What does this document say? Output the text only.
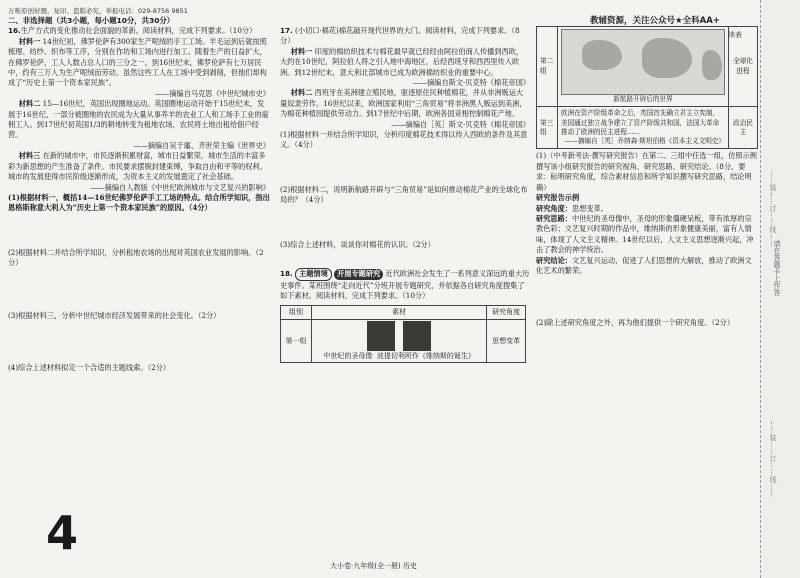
万唯原创好题，复印、盗版必究，举报电话：029-8756 9851
教辅资源，关注公众号★全科AA+
续表

二、非选择题（共3小题，每小题10分，共30分）

16.生产方式的变化推动社会面貌的革新。阅读材料，完成下列要求。（10分）

材料一 14世纪初，佛罗伦萨有300家生产呢绒的手工工场。羊毛运到后就按照梳理、纺纱、织布等工序，分别在作坊和工场内进行加工。随着生产的日益扩大，在佛罗伦萨，工人人数占总人口的三分之一。到16世纪末，佛罗伦萨有七万居民中，约有三万人为生产呢绒而劳动。虽然这些工人在工场中受到剥削，但他们却构成了“历史上第一个资本家民族”。

——摘编自马克思《中世纪城市史》

材料二 15—16世纪，英国出现圈地运动。英国圈地运动开始于15世纪末，发展于16世纪，一部分被圈地的农民成为大量从事养羊的农业工人和工场手工业的雇佣工人。到17世纪初英国1/3的耕地转变为租地农场，农民将土地出租给佃户经营。

——摘编自吴于廑、齐世荣主编《世界史》

材料三 在新的城市中，市民逐渐积累财富，城市日益繁荣，城市生活的丰富多彩为新思想的产生准备了条件。市民要求摆脱封建束缚，争取自由和平等的权利。城市的发展使得市民阶级逐渐形成，为资本主义的发展奠定了社会基础。

——摘编自人教版《中世纪欧洲城市与文艺复兴的影响》

(1)根据材料一，概括14—16世纪佛罗伦萨手工工场的特点。结合所学知识，指出恩格斯称意大利人为“历史上第一个资本家民族”的原因。（4分）

(2)根据材料二并结合所学知识，分析租地农场的出现对英国农业发展的影响。（2分）

(3)根据材料三，分析中世纪城市经济发展带来的社会变化。（2分）

(4)综合上述材料拟定一个合适的主题线索。（2分）

17. (小切口·棉花)棉花敲开现代世界的大门。阅读材料，完成下列要求。（8分）

材料一 印度的棉纺织技术与棉花最早就已经经由阿拉伯商人传播到西欧，大约在10世纪，阿拉伯人将之引入地中海地区，后经西班牙和西西里传入欧洲。到12世纪末，意大利北部城市已成为欧洲棉纺织业的重要中心。

——摘编自斯文·贝克特《棉花帝国》

材料二 西班牙在美洲建立殖民地，驱逐原住民种植棉花，并从非洲贩运大量奴隶劳作。16世纪以来，欧洲国家利用“三角贸易”将非洲黑人贩运到美洲，为棉花种植园提供劳动力。到17世纪中后期，欧洲各国竞相控制棉花产地。

——摘编自［英］斯文·贝克特《棉花帝国》

(1)根据材料一并结合所学知识，分析印度棉花技术得以传入西欧的条件及其意义。（4分）

(2)根据材料二，说明新航路开辟与“三角贸易”是如何推动棉花产业的全球化布局的？（4分）

(3)综合上述材料，谈谈你对棉花的认识。（2分）

18. 主题情境 开展专题研究 近代欧洲社会发生了一系列意义深远的重大历史事件。某班围绕“走向近代”分班开展专题研究，并依据各自研究角度搜集了如下素材。阅读材料，完成下列要求。（10分）

组别	素材	研究角度
第一组	中世纪的圣母像 波提切利所作《维纳斯的诞生》	思想变革
第二组	新航路开辟后的世界	全球化进程
第三组	欧洲在资产阶级革命之后，英国首先确立君主立宪制，美国通过独立战争建立了资产阶级共和国，法国大革命推动了欧洲的民主进程……
——摘编自［英］乔纳森·斯坦伯格《资本主义文明史》	政治民主

(1)（中考新考法·撰写研究报告）在第二、三组中任选一组，仿照示例撰写该小组研究报告的研究视角、研究思路、研究结论。（8分，要求：标明研究角度，综合素材信息和所学知识撰写研究思路，结论明确）

研究报告示例

研究角度：思想变革。

研究思路：中世纪的圣母像中，圣母的形象僵硬呆板，带有浓厚的宗教色彩；文艺复兴时期的作品中，维纳斯的形象健康美丽，富有人情味，体现了人文主义精神。14世纪以后，人文主义思想逐渐兴起，冲击了教会的神学统治。

研究结论：文艺复兴运动，促进了人们思想的大解放，推动了欧洲文化艺术的繁荣。

(2)除上述研究角度之外，再为他们提供一个研究角度。（2分）

4
大小卷·九年级(全一册) 历史
……装……订……线……
请在答题卡上作答
……装……订……线……
